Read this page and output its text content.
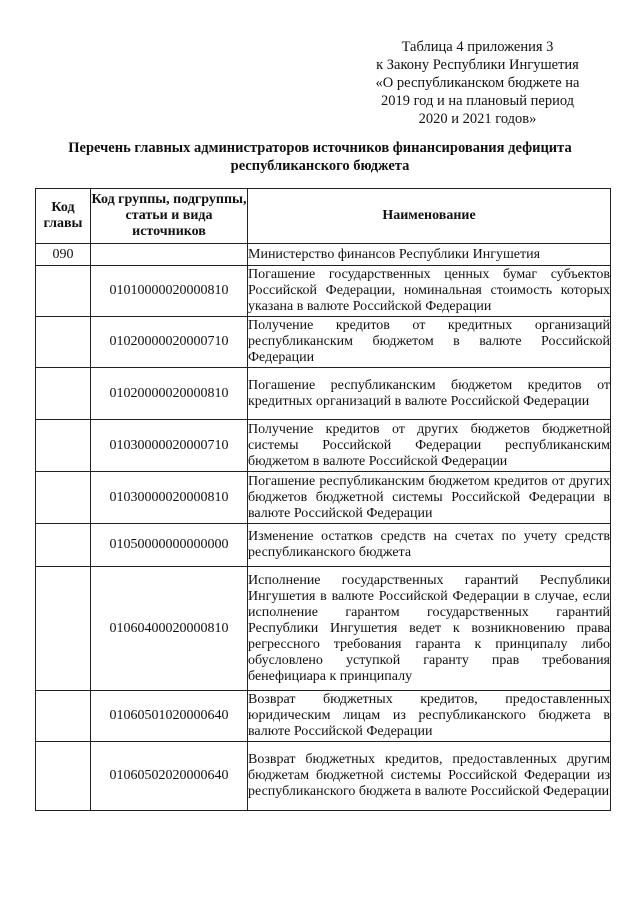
Таблица 4 приложения 3
к Закону Республики Ингушетия
«О республиканском бюджете на
2019 год и на плановый период
2020 и 2021 годов»
Перечень главных администраторов источников финансирования дефицита
республиканского бюджета
Код главы	Код группы, подгруппы, статьи и вида источников	Наименование
090		Министерство финансов Республики Ингушетия

	01010000020000810	Погашение государственных ценных бумаг субъектов Российской Федерации, номинальная стоимость которых указана в валюте Российской Федерации

	01020000020000710	Получение кредитов от кредитных организаций республиканским бюджетом в валюте Российской Федерации

	01020000020000810	Погашение республиканским бюджетом кредитов от кредитных организаций в валюте Российской Федерации

	01030000020000710	Получение кредитов от других бюджетов бюджетной системы Российской Федерации республиканским бюджетом в валюте Российской Федерации

	01030000020000810	Погашение республиканским бюджетом кредитов от других бюджетов бюджетной системы Российской Федерации в валюте Российской Федерации

	01050000000000000	Изменение остатков средств на счетах по учету средств республиканского бюджета

	01060400020000810	Исполнение государственных гарантий Республики Ингушетия в валюте Российской Федерации в случае, если исполнение гарантом государственных гарантий Республики Ингушетия ведет к возникновению права регрессного требования гаранта к принципалу либо обусловлено уступкой гаранту прав требования бенефициара к принципалу

	01060501020000640	Возврат бюджетных кредитов, предоставленных юридическим лицам из республиканского бюджета в валюте Российской Федерации

	01060502020000640	Возврат бюджетных кредитов, предоставленных другим бюджетам бюджетной системы Российской Федерации из республиканского бюджета в валюте Российской Федерации
